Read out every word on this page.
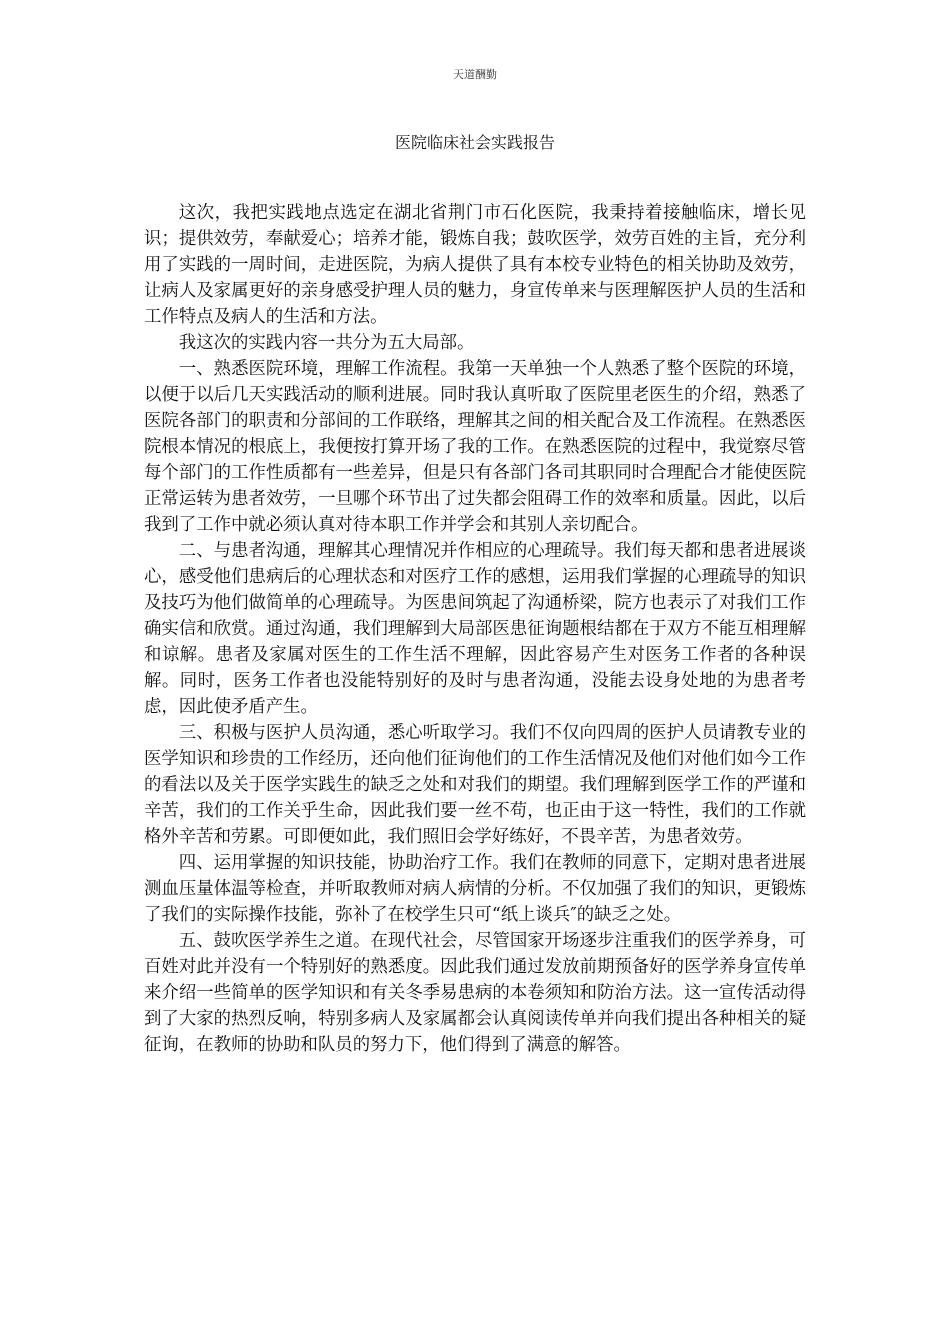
天道酬勤
医院临床社会实践报告

这次，我把实践地点选定在湖北省荆门市石化医院，我秉持着接触临床，增长见识；提供效劳，奉献爱心；培养才能，锻炼自我；鼓吹医学，效劳百姓的主旨，充分利用了实践的一周时间，走进医院，为病人提供了具有本校专业特色的相关协助及效劳，让病人及家属更好的亲身感受护理人员的魅力，身宣传单来与医理解医护人员的生活和工作特点及病人的生活和方法。

我这次的实践内容一共分为五大局部。

一、熟悉医院环境，理解工作流程。我第一天单独一个人熟悉了整个医院的环境，以便于以后几天实践活动的顺利进展。同时我认真听取了医院里老医生的介绍，熟悉了医院各部门的职责和分部间的工作联络，理解其之间的相关配合及工作流程。在熟悉医院根本情况的根底上，我便按打算开场了我的工作。在熟悉医院的过程中，我觉察尽管每个部门的工作性质都有一些差异，但是只有各部门各司其职同时合理配合才能使医院正常运转为患者效劳，一旦哪个环节出了过失都会阻碍工作的效率和质量。因此，以后我到了工作中就必须认真对待本职工作并学会和其别人亲切配合。

二、与患者沟通，理解其心理情况并作相应的心理疏导。我们每天都和患者进展谈心，感受他们患病后的心理状态和对医疗工作的感想，运用我们掌握的心理疏导的知识及技巧为他们做简单的心理疏导。为医患间筑起了沟通桥梁，院方也表示了对我们工作确实信和欣赏。通过沟通，我们理解到大局部医患征询题根结都在于双方不能互相理解和谅解。患者及家属对医生的工作生活不理解，因此容易产生对医务工作者的各种误解。同时，医务工作者也没能特别好的及时与患者沟通，没能去设身处地的为患者考虑，因此使矛盾产生。

三、积极与医护人员沟通，悉心听取学习。我们不仅向四周的医护人员请教专业的医学知识和珍贵的工作经历，还向他们征询他们的工作生活情况及他们对他们如今工作的看法以及关于医学实践生的缺乏之处和对我们的期望。我们理解到医学工作的严谨和辛苦，我们的工作关乎生命，因此我们要一丝不苟，也正由于这一特性，我们的工作就格外辛苦和劳累。可即便如此，我们照旧会学好练好，不畏辛苦，为患者效劳。

四、运用掌握的知识技能，协助治疗工作。我们在教师的同意下，定期对患者进展测血压量体温等检查，并听取教师对病人病情的分析。不仅加强了我们的知识，更锻炼了我们的实际操作技能，弥补了在校学生只可“纸上谈兵″的缺乏之处。

五、鼓吹医学养生之道。在现代社会，尽管国家开场逐步注重我们的医学养身，可百姓对此并没有一个特别好的熟悉度。因此我们通过发放前期预备好的医学养身宣传单来介绍一些简单的医学知识和有关冬季易患病的本卷须知和防治方法。这一宣传活动得到了大家的热烈反响，特别多病人及家属都会认真阅读传单并向我们提出各种相关的疑征询，在教师的协助和队员的努力下，他们得到了满意的解答。
